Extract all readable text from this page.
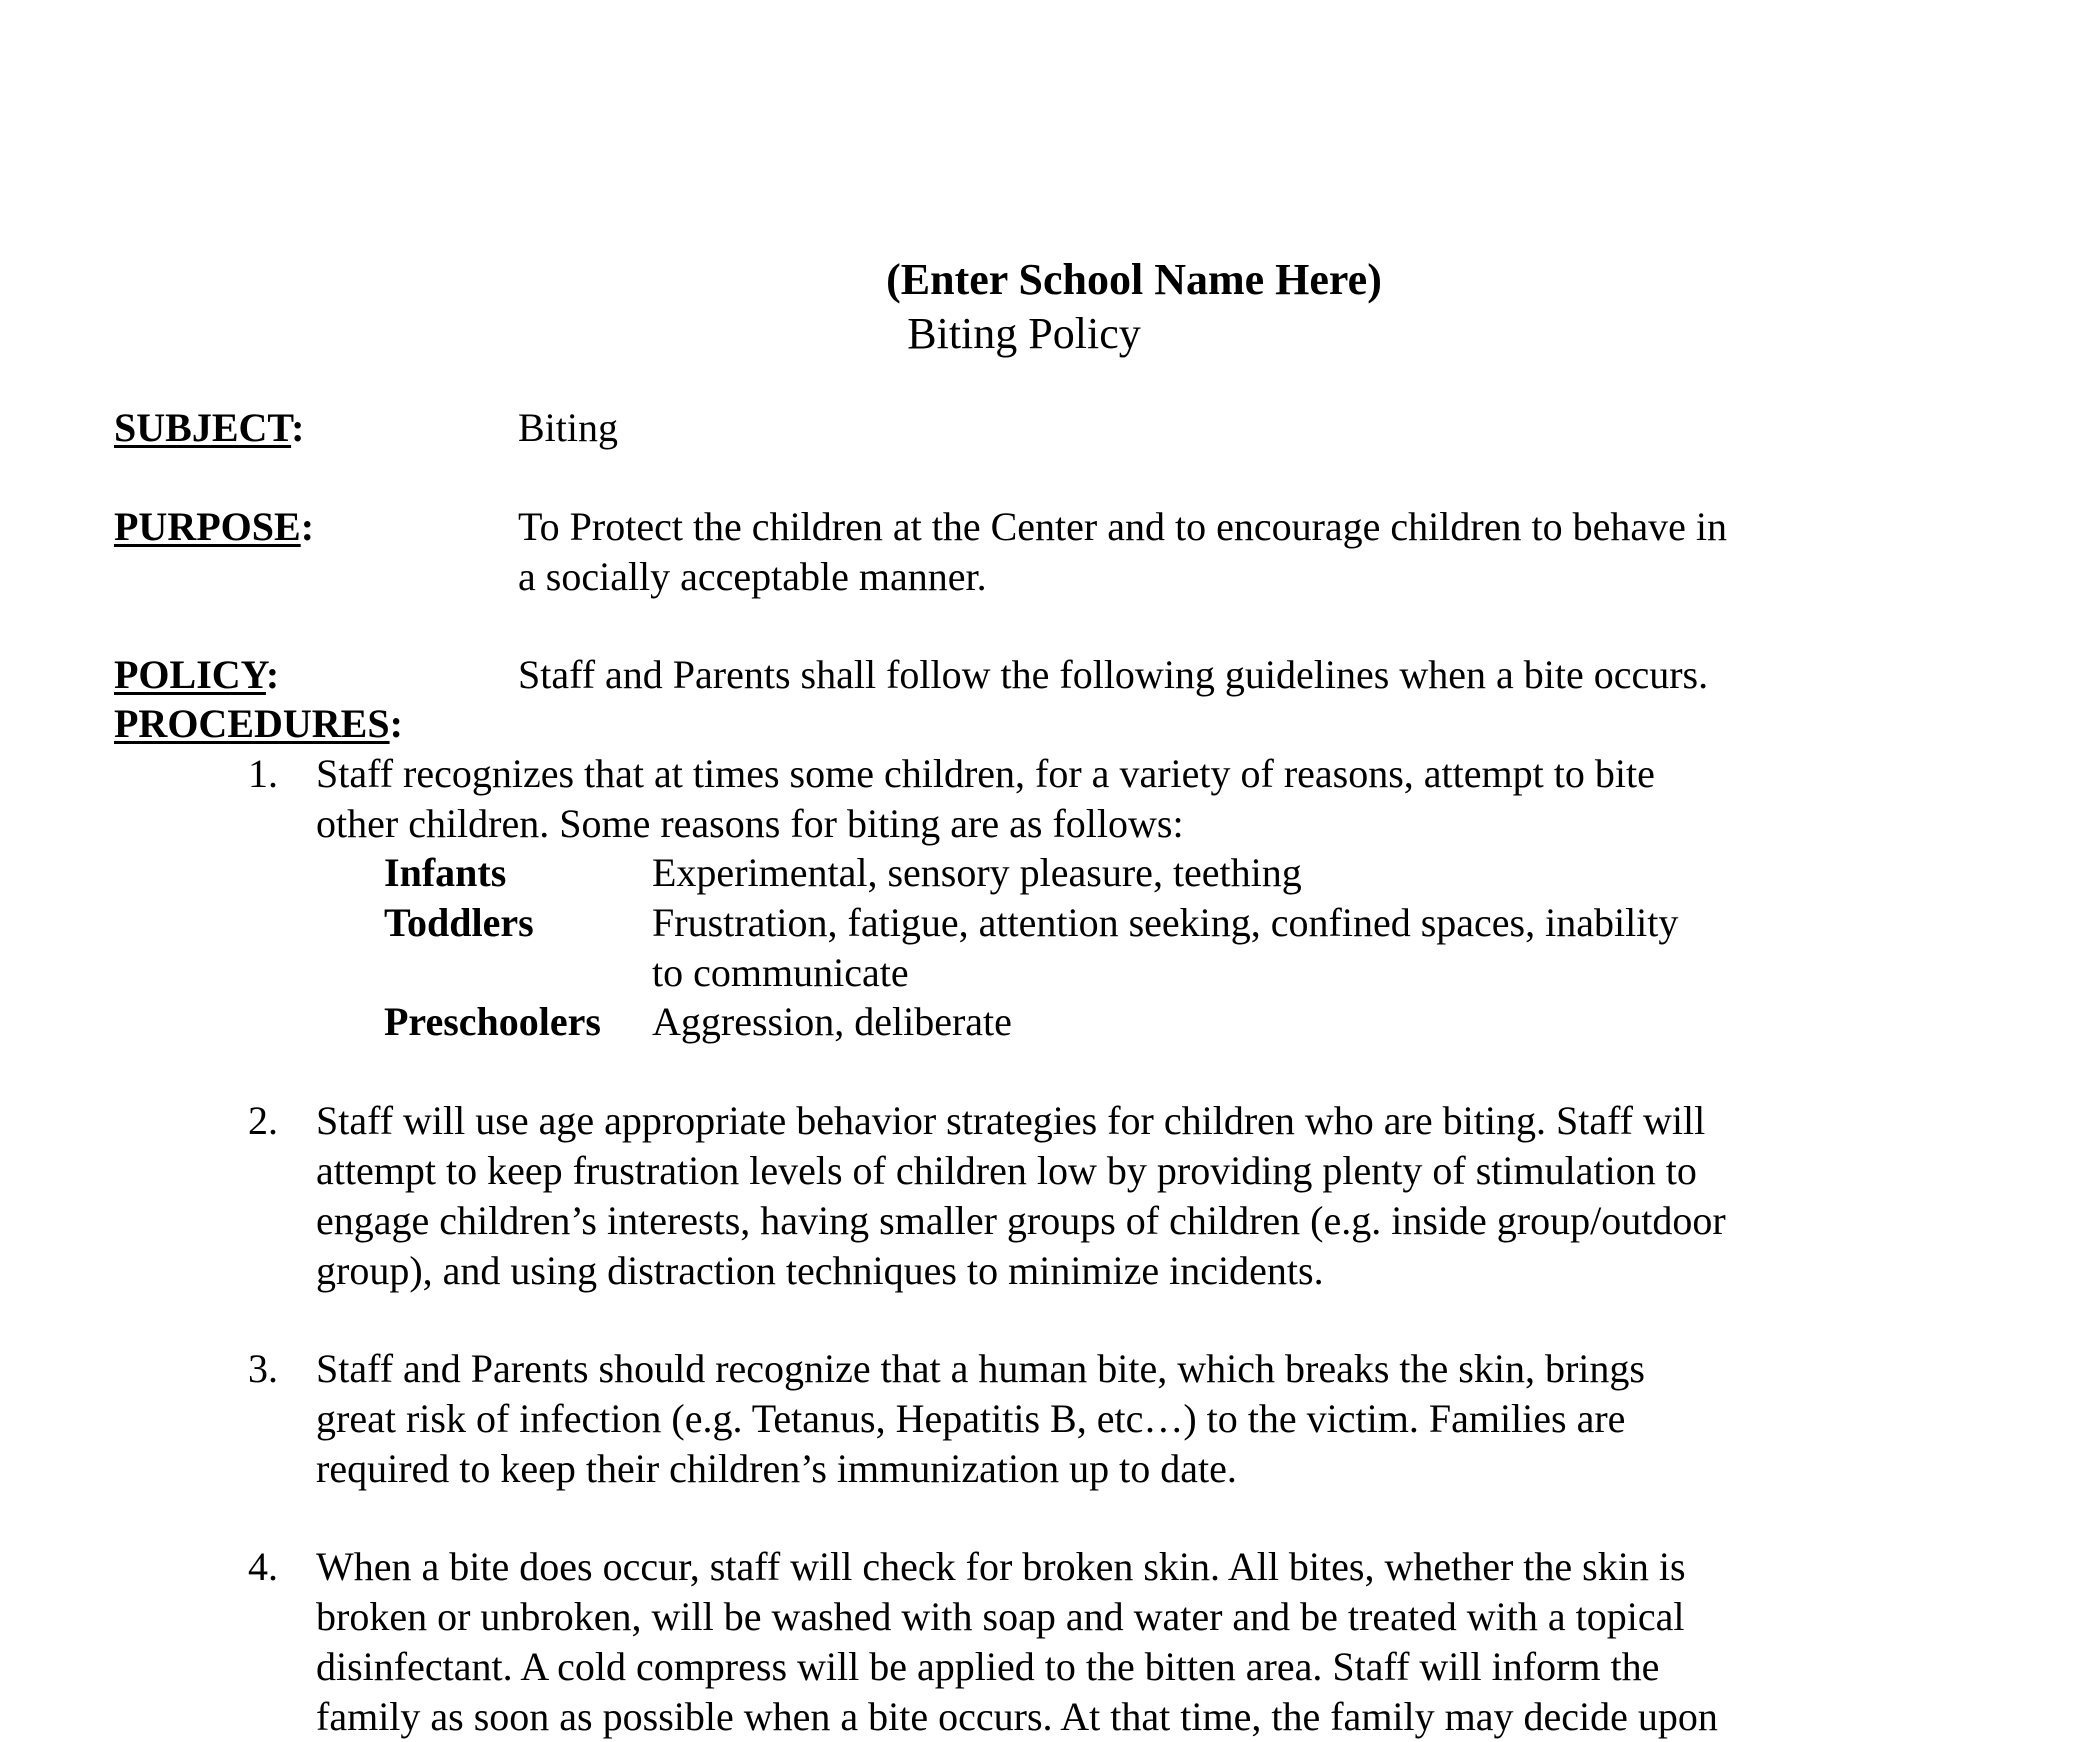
(Enter School Name Here)
Biting Policy
SUBJECT:	Biting
PURPOSE:	To Protect the children at the Center and to encourage children to behave in
a socially acceptable manner.
POLICY:	Staff and Parents shall follow the following guidelines when a bite occurs.
PROCEDURES:
1. Staff recognizes that at times some children, for a variety of reasons, attempt to bite
other children. Some reasons for biting are as follows:
Infants	Experimental, sensory pleasure, teething
Toddlers	Frustration, fatigue, attention seeking, confined spaces, inability
to communicate
Preschoolers Aggression, deliberate
2. Staff will use age appropriate behavior strategies for children who are biting. Staff will
attempt to keep frustration levels of children low by providing plenty of stimulation to
engage children’s interests, having smaller groups of children (e.g. inside group/outdoor
group), and using distraction techniques to minimize incidents.
3. Staff and Parents should recognize that a human bite, which breaks the skin, brings
great risk of infection (e.g. Tetanus, Hepatitis B, etc…) to the victim. Families are
required to keep their children’s immunization up to date.
4. When a bite does occur, staff will check for broken skin. All bites, whether the skin is
broken or unbroken, will be washed with soap and water and be treated with a topical
disinfectant. A cold compress will be applied to the bitten area. Staff will inform the
family as soon as possible when a bite occurs. At that time, the family may decide upon
